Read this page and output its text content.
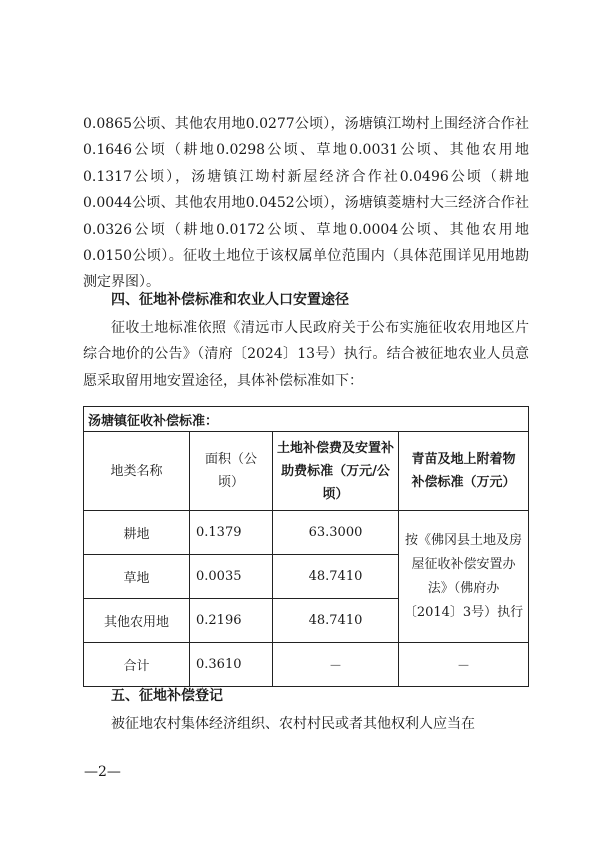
0.0865公顷、其他农用地0.0277公顷），汤塘镇江坳村上围经济合作社0.1646公顷（耕地0.0298公顷、草地0.0031公顷、其他农用地0.1317公顷），汤塘镇江坳村新屋经济合作社0.0496公顷（耕地0.0044公顷、其他农用地0.0452公顷），汤塘镇菱塘村大三经济合作社0.0326公顷（耕地0.0172公顷、草地0.0004公顷、其他农用地0.0150公顷）。征收土地位于该权属单位范围内（具体范围详见用地勘测定界图）。

四、征地补偿标准和农业人口安置途径

征收土地标准依照《清远市人民政府关于公布实施征收农用地区片综合地价的公告》（清府〔2024〕13号）执行。结合被征地农业人员意愿采取留用地安置途径，具体补偿标准如下：

汤塘镇征收补偿标准：			
地类名称	面积（公顷）	土地补偿费及安置补助费标准（万元/公顷）	青苗及地上附着物补偿标准（万元）
耕地	0.1379	63.3000	按《佛冈县土地及房屋征收补偿安置办法》（佛府办〔2014〕3号）执行
草地	0.0035	48.7410	
其他农用地	0.2196	48.7410	
合计	0.3610	－	－

五、征地补偿登记

被征地农村集体经济组织、农村村民或者其他权利人应当在

—2—
